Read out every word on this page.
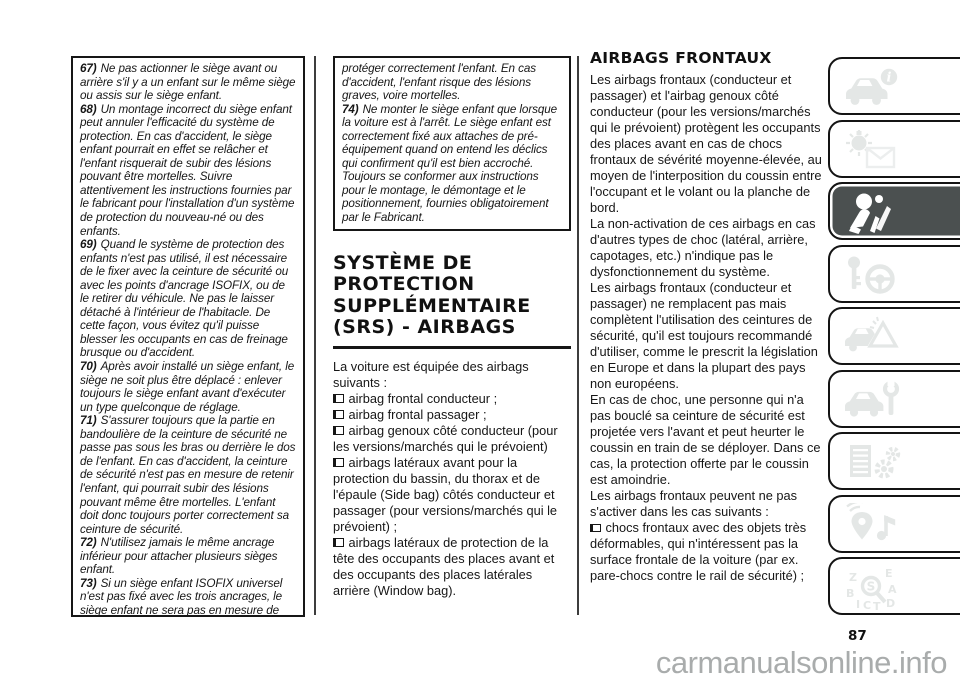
67) Ne pas actionner le siège avant ou arrière s'il y a un enfant sur le même siège ou assis sur le siège enfant.

68) Un montage incorrect du siège enfant peut annuler l'efficacité du système de protection. En cas d'accident, le siège enfant pourrait en effet se relâcher et l'enfant risquerait de subir des lésions pouvant être mortelles. Suivre attentivement les instructions fournies par le fabricant pour l'installation d'un système de protection du nouveau-né ou des enfants.

69) Quand le système de protection des enfants n'est pas utilisé, il est nécessaire de le fixer avec la ceinture de sécurité ou avec les points d'ancrage ISOFIX, ou de le retirer du véhicule. Ne pas le laisser détaché à l'intérieur de l'habitacle. De cette façon, vous évitez qu'il puisse blesser les occupants en cas de freinage brusque ou d'accident.

70) Après avoir installé un siège enfant, le siège ne soit plus être déplacé : enlever toujours le siège enfant avant d'exécuter un type quelconque de réglage.

71) S'assurer toujours que la partie en bandoulière de la ceinture de sécurité ne passe pas sous les bras ou derrière le dos de l'enfant. En cas d'accident, la ceinture de sécurité n'est pas en mesure de retenir l'enfant, qui pourrait subir des lésions pouvant même être mortelles. L'enfant doit donc toujours porter correctement sa ceinture de sécurité.

72) N'utilisez jamais le même ancrage inférieur pour attacher plusieurs sièges enfant.

73) Si un siège enfant ISOFIX universel n'est pas fixé avec les trois ancrages, le siège enfant ne sera pas en mesure de

protéger correctement l'enfant. En cas d'accident, l'enfant risque des lésions graves, voire mortelles.

74) Ne monter le siège enfant que lorsque la voiture est à l'arrêt. Le siège enfant est correctement fixé aux attaches de pré-équipement quand on entend les déclics qui confirment qu'il est bien accroché. Toujours se conformer aux instructions pour le montage, le démontage et le positionnement, fournies obligatoirement par le Fabricant.

SYSTÈME DE PROTECTION SUPPLÉMENTAIRE (SRS) - AIRBAGS

La voiture est équipée des airbags suivants :

airbag frontal conducteur ;

airbag frontal passager ;

airbag genoux côté conducteur (pour les versions/marchés qui le prévoient)

airbags latéraux avant pour la protection du bassin, du thorax et de l'épaule (Side bag) côtés conducteur et passager (pour versions/marchés qui le prévoient) ;

airbags latéraux de protection de la tête des occupants des places avant et des occupants des places latérales arrière (Window bag).

AIRBAGS FRONTAUX

Les airbags frontaux (conducteur et passager) et l'airbag genoux côté conducteur (pour les versions/marchés qui le prévoient) protègent les occupants des places avant en cas de chocs frontaux de sévérité moyenne-élevée, au moyen de l'interposition du coussin entre l'occupant et le volant ou la planche de bord.

La non-activation de ces airbags en cas d'autres types de choc (latéral, arrière, capotages, etc.) n'indique pas le dysfonctionnement du système.

Les airbags frontaux (conducteur et passager) ne remplacent pas mais complètent l'utilisation des ceintures de sécurité, qu'il est toujours recommandé d'utiliser, comme le prescrit la législation en Europe et dans la plupart des pays non européens.

En cas de choc, une personne qui n'a pas bouclé sa ceinture de sécurité est projetée vers l'avant et peut heurter le coussin en train de se déployer. Dans ce cas, la protection offerte par le coussin est amoindrie.

Les airbags frontaux peuvent ne pas s'activer dans les cas suivants :

chocs frontaux avec des objets très déformables, qui n'intéressent pas la surface frontale de la voiture (par ex. pare-chocs contre le rail de sécurité) ;

i
Z	E
B	A
I C T D
S
87
carmanualsonline.info
